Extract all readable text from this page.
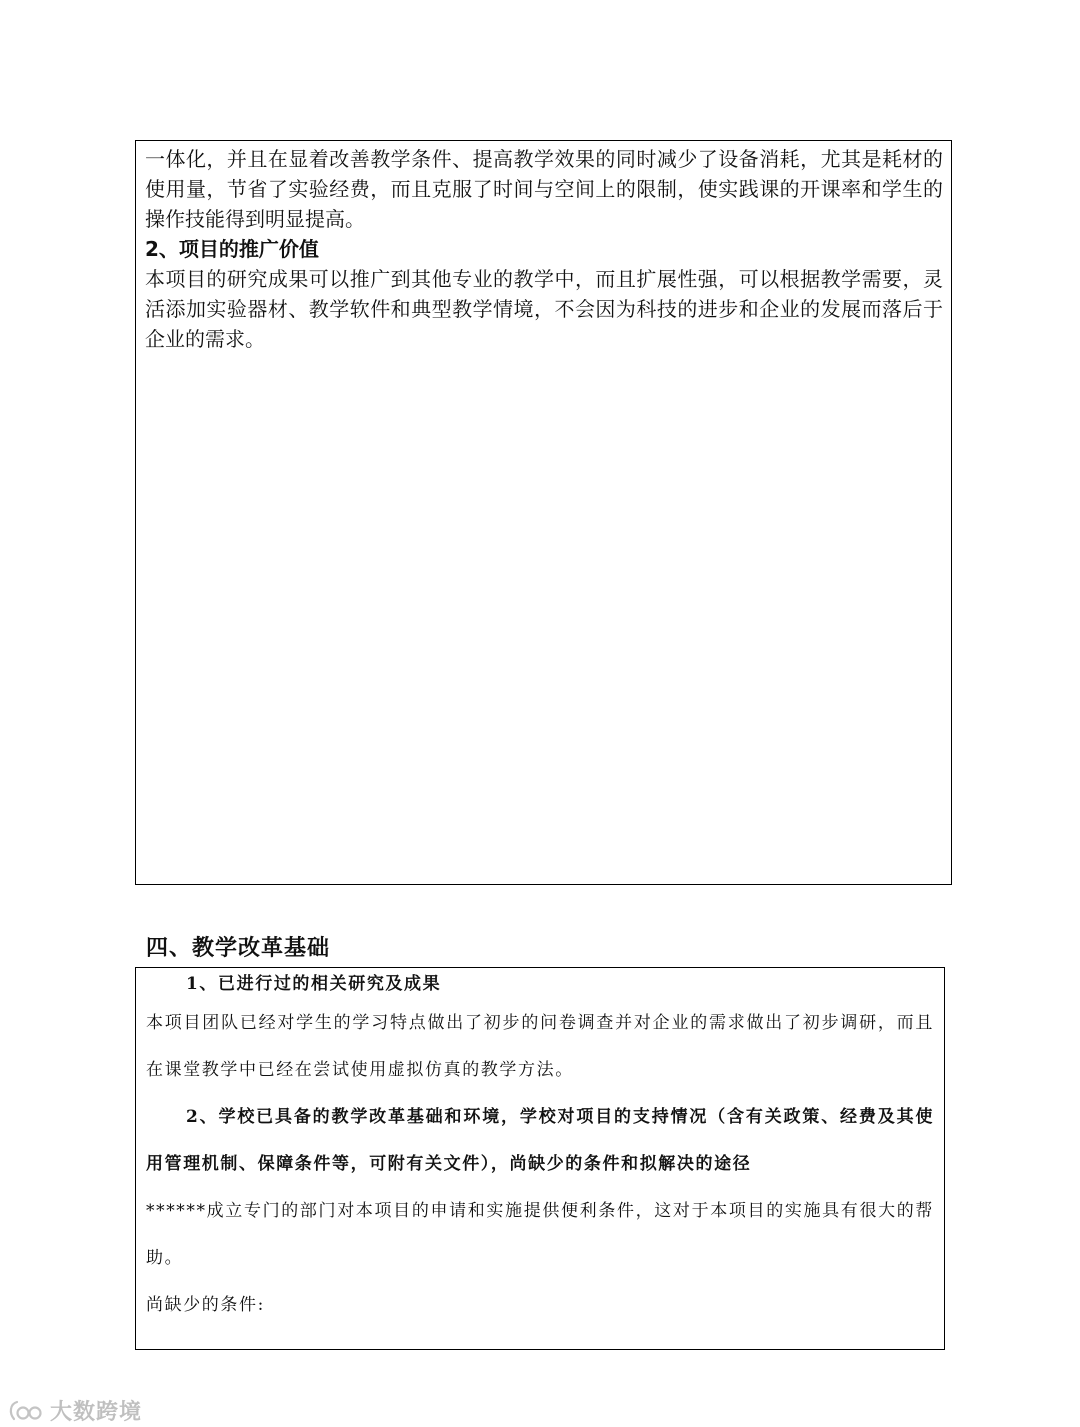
一体化，并且在显着改善教学条件、提高教学效果的同时减少了设备消耗，尤其是耗材的使用量，节省了实验经费，而且克服了时间与空间上的限制，使实践课的开课率和学生的操作技能得到明显提高。

2、项目的推广价值

本项目的研究成果可以推广到其他专业的教学中，而且扩展性强，可以根据教学需要，灵活添加实验器材、教学软件和典型教学情境，不会因为科技的进步和企业的发展而落后于企业的需求。

四、教学改革基础

1、已进行过的相关研究及成果

本项目团队已经对学生的学习特点做出了初步的问卷调查并对企业的需求做出了初步调研，而且在课堂教学中已经在尝试使用虚拟仿真的教学方法。

2、学校已具备的教学改革基础和环境，学校对项目的支持情况（含有关政策、经费及其使用管理机制、保障条件等，可附有关文件），尚缺少的条件和拟解决的途径

******成立专门的部门对本项目的申请和实施提供便利条件，这对于本项目的实施具有很大的帮助。

尚缺少的条件:

大数跨境
